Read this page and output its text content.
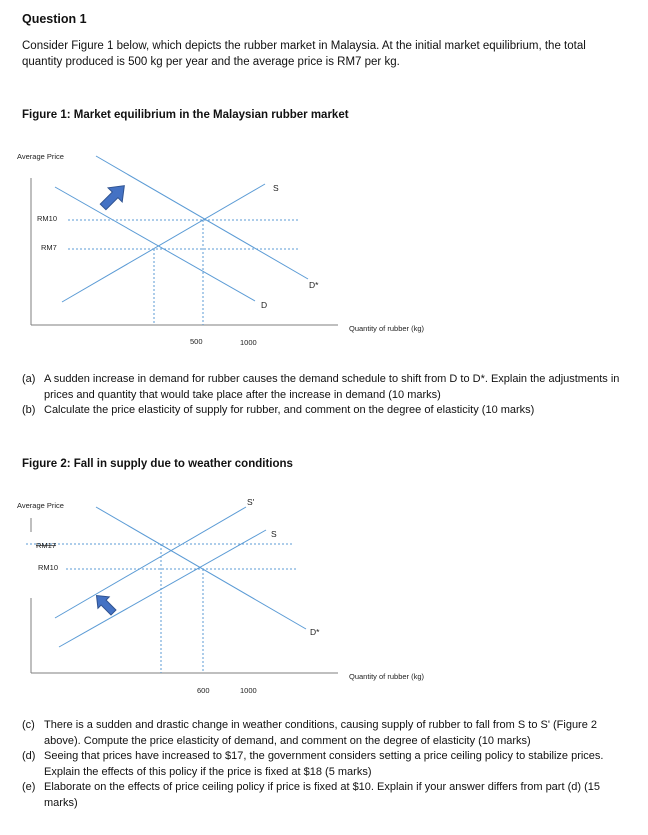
Question 1
Consider Figure 1 below, which depicts the rubber market in Malaysia. At the initial market equilibrium, the total quantity produced is 500 kg per year and the average price is RM7 per kg.
Figure 1: Market equilibrium in the Malaysian rubber market
Average Price
RM10
RM7
S
D*
D
500	1000
Quantity of rubber (kg)
(a) A sudden increase in demand for rubber causes the demand schedule to shift from D to D*. Explain the adjustments in prices and quantity that would take place after the increase in demand (10 marks)
(b) Calculate the price elasticity of supply for rubber, and comment on the degree of elasticity (10 marks)
Figure 2: Fall in supply due to weather conditions
Average Price
RM17
RM10
S'
S
D*
600	1000
Quantity of rubber (kg)
(c) There is a sudden and drastic change in weather conditions, causing supply of rubber to fall from S to S' (Figure 2 above). Compute the price elasticity of demand, and comment on the degree of elasticity (10 marks)
(d) Seeing that prices have increased to $17, the government considers setting a price ceiling policy to stabilize prices. Explain the effects of this policy if the price is fixed at $18 (5 marks)
(e) Elaborate on the effects of price ceiling policy if price is fixed at $10. Explain if your answer differs from part (d) (15 marks)
